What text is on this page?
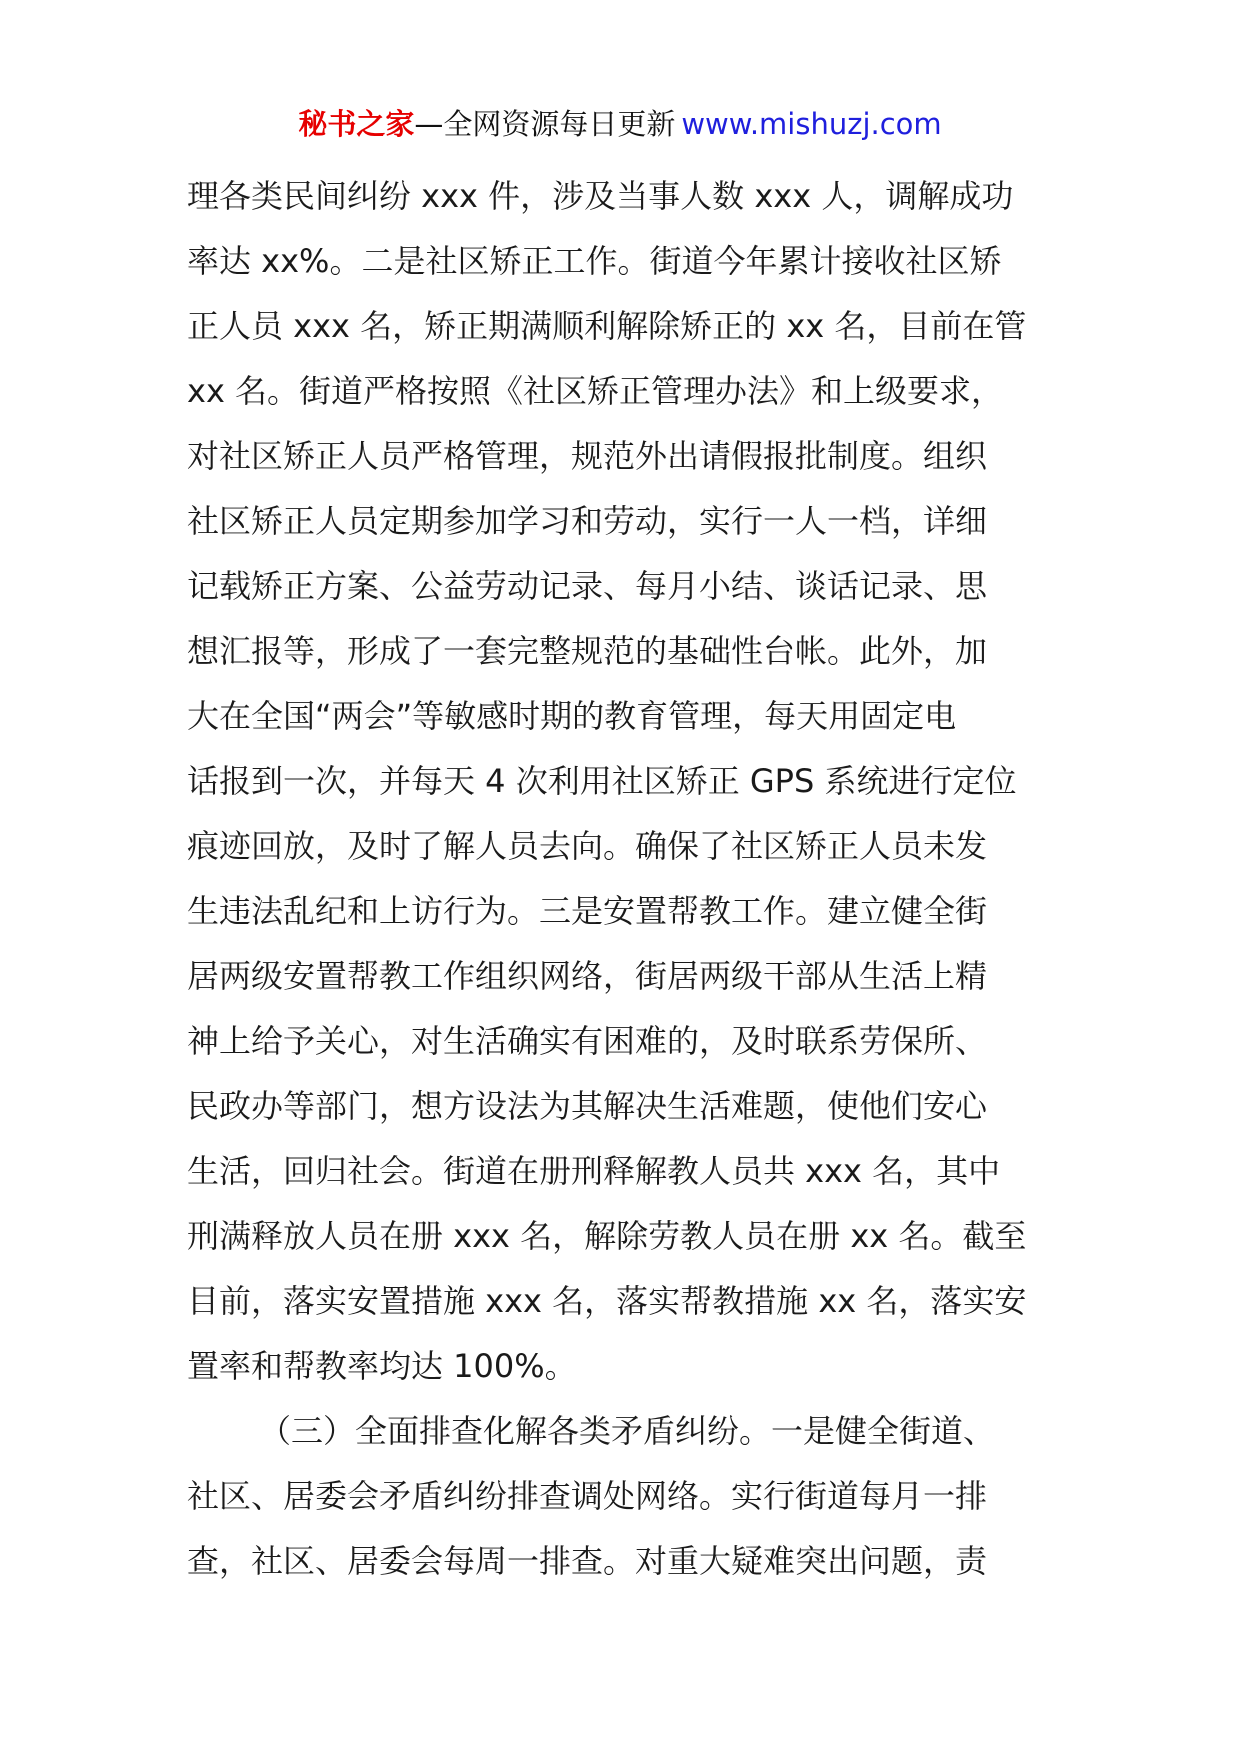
秘书之家—全网资源每日更新 www.mishuzj.com
理各类民间纠纷 xxx 件，涉及当事人数 xxx 人，调解成功
率达 xx%。二是社区矫正工作。街道今年累计接收社区矫
正人员 xxx 名，矫正期满顺利解除矫正的 xx 名，目前在管
xx 名。街道严格按照《社区矫正管理办法》和上级要求，
对社区矫正人员严格管理，规范外出请假报批制度。组织
社区矫正人员定期参加学习和劳动，实行一人一档，详细
记载矫正方案、公益劳动记录、每月小结、谈话记录、思
想汇报等，形成了一套完整规范的基础性台帐。此外，加
大在全国“两会”等敏感时期的教育管理，每天用固定电
话报到一次，并每天 4 次利用社区矫正 GPS 系统进行定位
痕迹回放，及时了解人员去向。确保了社区矫正人员未发
生违法乱纪和上访行为。三是安置帮教工作。建立健全街
居两级安置帮教工作组织网络，街居两级干部从生活上精
神上给予关心，对生活确实有困难的，及时联系劳保所、
民政办等部门，想方设法为其解决生活难题，使他们安心
生活，回归社会。街道在册刑释解教人员共 xxx 名，其中
刑满释放人员在册 xxx 名，解除劳教人员在册 xx 名。截至
目前，落实安置措施 xxx 名，落实帮教措施 xx 名，落实安
置率和帮教率均达 100%。
（三）全面排查化解各类矛盾纠纷。一是健全街道、
社区、居委会矛盾纠纷排查调处网络。实行街道每月一排
查，社区、居委会每周一排查。对重大疑难突出问题，责
